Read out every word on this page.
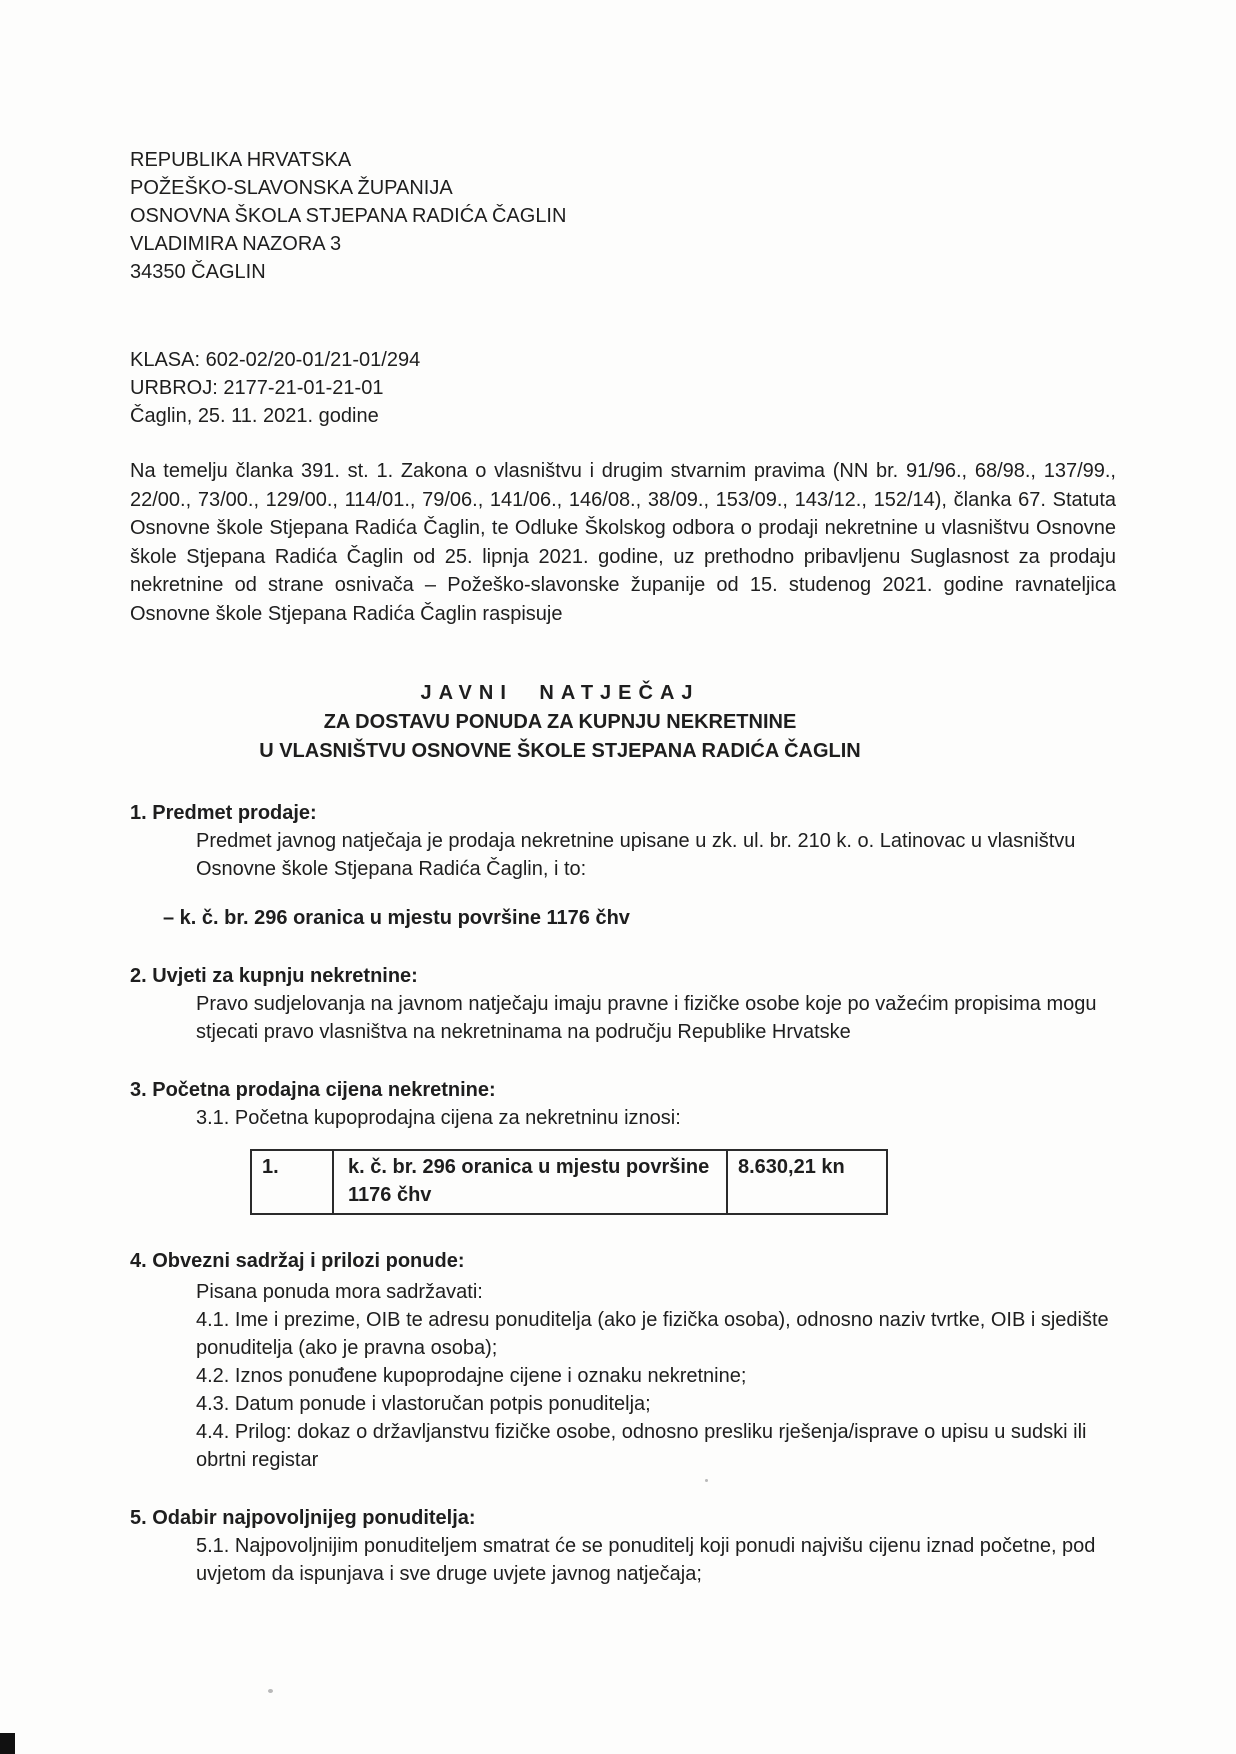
REPUBLIKA HRVATSKA
POŽEŠKO-SLAVONSKA ŽUPANIJA
OSNOVNA ŠKOLA STJEPANA RADIĆA ČAGLIN
VLADIMIRA NAZORA 3
34350 ČAGLIN
KLASA: 602-02/20-01/21-01/294
URBROJ: 2177-21-01-21-01
Čaglin, 25. 11. 2021. godine

Na temelju članka 391. st. 1. Zakona o vlasništvu i drugim stvarnim pravima (NN br. 91/96., 68/98., 137/99., 22/00., 73/00., 129/00., 114/01., 79/06., 141/06., 146/08., 38/09., 153/09., 143/12., 152/14), članka 67. Statuta Osnovne škole Stjepana Radića Čaglin, te Odluke Školskog odbora o prodaji nekretnine u vlasništvu Osnovne škole Stjepana Radića Čaglin od 25. lipnja 2021. godine, uz prethodno pribavljenu Suglasnost za prodaju nekretnine od strane osnivača – Požeško-slavonske županije od 15. studenog 2021. godine ravnateljica Osnovne škole Stjepana Radića Čaglin raspisuje

JAVNI NATJEČAJ
ZA DOSTAVU PONUDA ZA KUPNJU NEKRETNINE
U VLASNIŠTVU OSNOVNE ŠKOLE STJEPANA RADIĆA ČAGLIN
1. Predmet prodaje:
Predmet javnog natječaja je prodaja nekretnine upisane u zk. ul. br. 210 k. o. Latinovac u vlasništvu Osnovne škole Stjepana Radića Čaglin, i to:
– k. č. br. 296 oranica u mjestu površine 1176 čhv
2. Uvjeti za kupnju nekretnine:
Pravo sudjelovanja na javnom natječaju imaju pravne i fizičke osobe koje po važećim propisima mogu stjecati pravo vlasništva na nekretninama na području Republike Hrvatske
3. Početna prodajna cijena nekretnine:
3.1. Početna kupoprodajna cijena za nekretninu iznosi:
1.	k. č. br. 296 oranica u mjestu površine 1176 čhv	8.630,21 kn
4. Obvezni sadržaj i prilozi ponude:
Pisana ponuda mora sadržavati:
4.1. Ime i prezime, OIB te adresu ponuditelja (ako je fizička osoba), odnosno naziv tvrtke, OIB i sjedište ponuditelja (ako je pravna osoba);
4.2. Iznos ponuđene kupoprodajne cijene i oznaku nekretnine;
4.3. Datum ponude i vlastoručan potpis ponuditelja;
4.4. Prilog: dokaz o državljanstvu fizičke osobe, odnosno presliku rješenja/isprave o upisu u sudski ili obrtni registar
5. Odabir najpovoljnijeg ponuditelja:
5.1. Najpovoljnijim ponuditeljem smatrat će se ponuditelj koji ponudi najvišu cijenu iznad početne, pod uvjetom da ispunjava i sve druge uvjete javnog natječaja;
